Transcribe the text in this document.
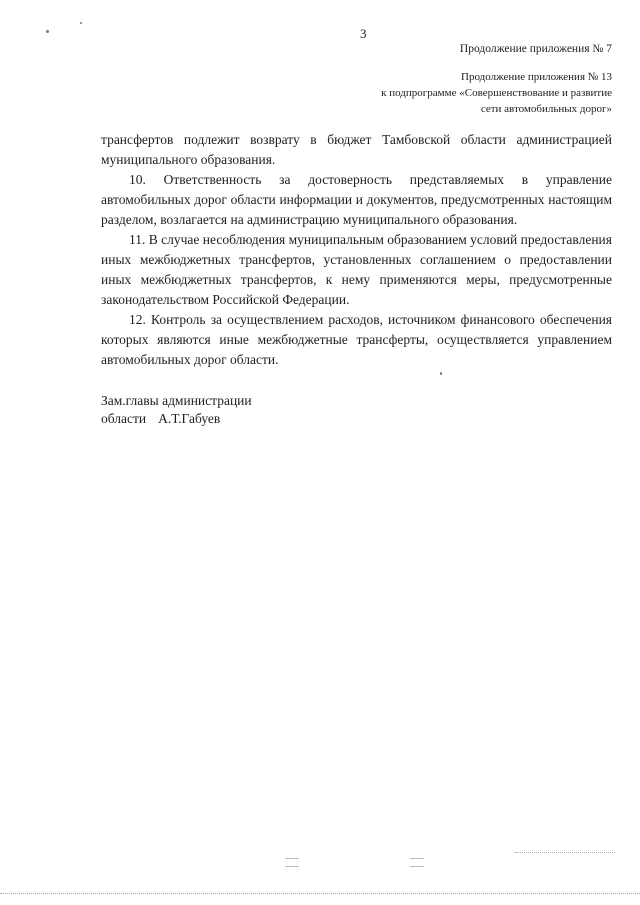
3
Продолжение приложения № 7
Продолжение приложения № 13
к подпрограмме «Совершенствование и развитие
сети автомобильных дорог»

трансфертов подлежит возврату в бюджет Тамбовской области администрацией муниципального образования.

10. Ответственность за достоверность представляемых в управление автомобильных дорог области информации и документов, предусмотренных настоящим разделом, возлагается на администрацию муниципального образования.

11. В случае несоблюдения муниципальным образованием условий предоставления иных межбюджетных трансфертов, установленных соглашением о предоставлении иных межбюджетных трансфертов, к нему применяются меры, предусмотренные законодательством Российской Федерации.

12. Контроль за осуществлением расходов, источником финансового обеспечения которых являются иные межбюджетные трансферты, осуществляется управлением автомобильных дорог области.

Зам.главы администрации
области А.Т.Габуев
